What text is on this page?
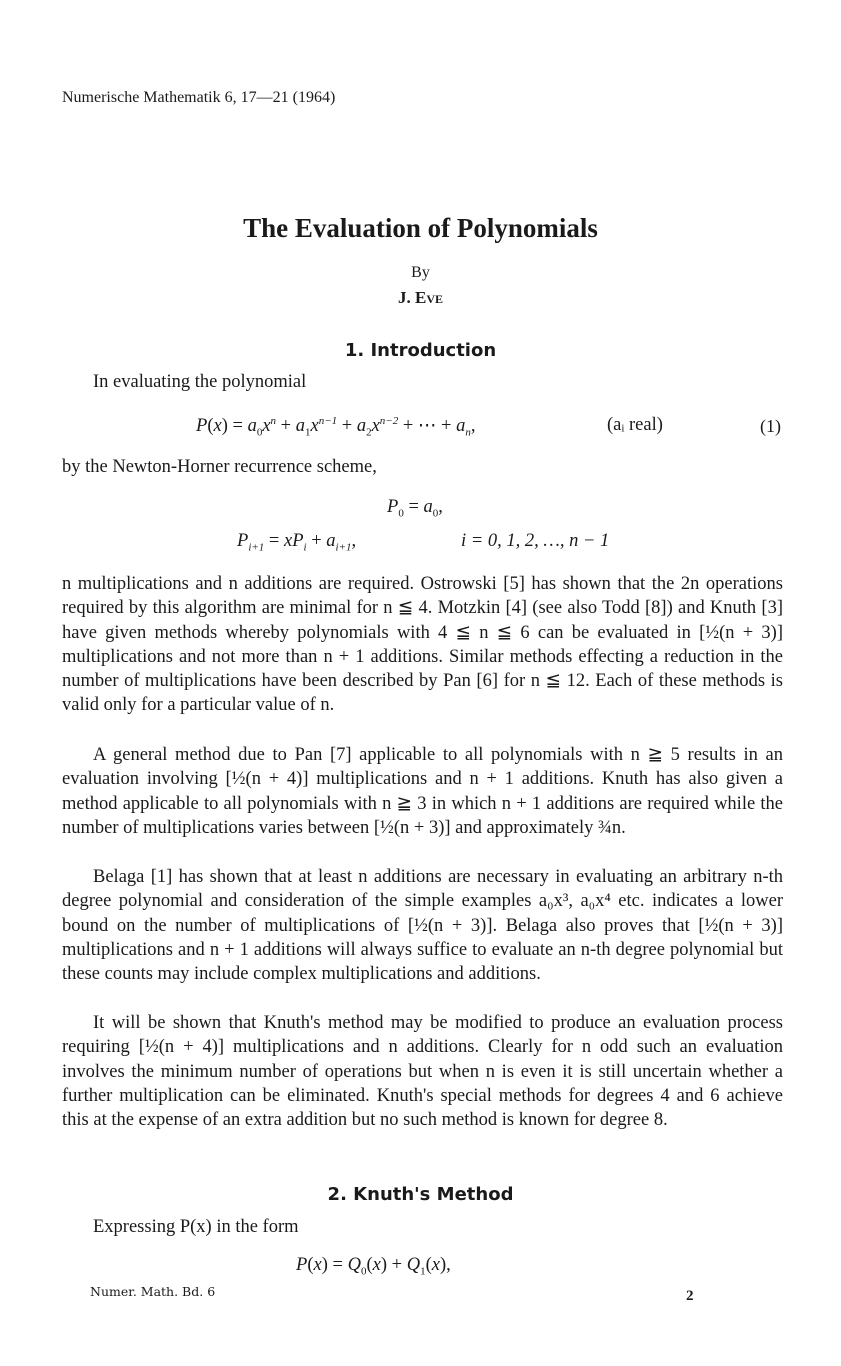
Numerische Mathematik 6, 17—21 (1964)
The Evaluation of Polynomials
By
J. Eve
1. Introduction
In evaluating the polynomial
$P(x) = a_0x^n + a_1x^{n-1} + a_2x^{n-2}$ + ⋯ + $a_n$,	(aᵢ real)	(1)
by the Newton-Horner recurrence scheme,
$P_0 = a_0$,
$P_{i+1} = xP_i + a_{i+1}$,	i = 0, 1, 2, …, n − 1
n multiplications and n additions are required. Ostrowski [5] has shown that the 2n operations required by this algorithm are minimal for n ≦ 4. Motzkin [4] (see also Todd [8]) and Knuth [3] have given methods whereby polynomials with 4 ≦ n ≦ 6 can be evaluated in [½(n + 3)] multiplications and not more than n + 1 additions. Similar methods effecting a reduction in the number of multiplications have been described by Pan [6] for n ≦ 12. Each of these methods is valid only for a particular value of n.
A general method due to Pan [7] applicable to all polynomials with n ≧ 5 results in an evaluation involving [½(n + 4)] multiplications and n + 1 additions. Knuth has also given a method applicable to all polynomials with n ≧ 3 in which n + 1 additions are required while the number of multiplications varies between [½(n + 3)] and approximately ¾n.
Belaga [1] has shown that at least n additions are necessary in evaluating an arbitrary n-th degree polynomial and consideration of the simple examples a₀x³, a₀x⁴ etc. indicates a lower bound on the number of multiplications of [½(n + 3)]. Belaga also proves that [½(n + 3)] multiplications and n + 1 additions will always suffice to evaluate an n-th degree polynomial but these counts may include complex multiplications and additions.
It will be shown that Knuth's method may be modified to produce an evaluation process requiring [½(n + 4)] multiplications and n additions. Clearly for n odd such an evaluation involves the minimum number of operations but when n is even it is still uncertain whether a further multiplication can be eliminated. Knuth's special methods for degrees 4 and 6 achieve this at the expense of an extra addition but no such method is known for degree 8.
2. Knuth's Method
Expressing P(x) in the form
$P(x) = Q_0(x) + Q_1(x)$,
Numer. Math. Bd. 6	2
